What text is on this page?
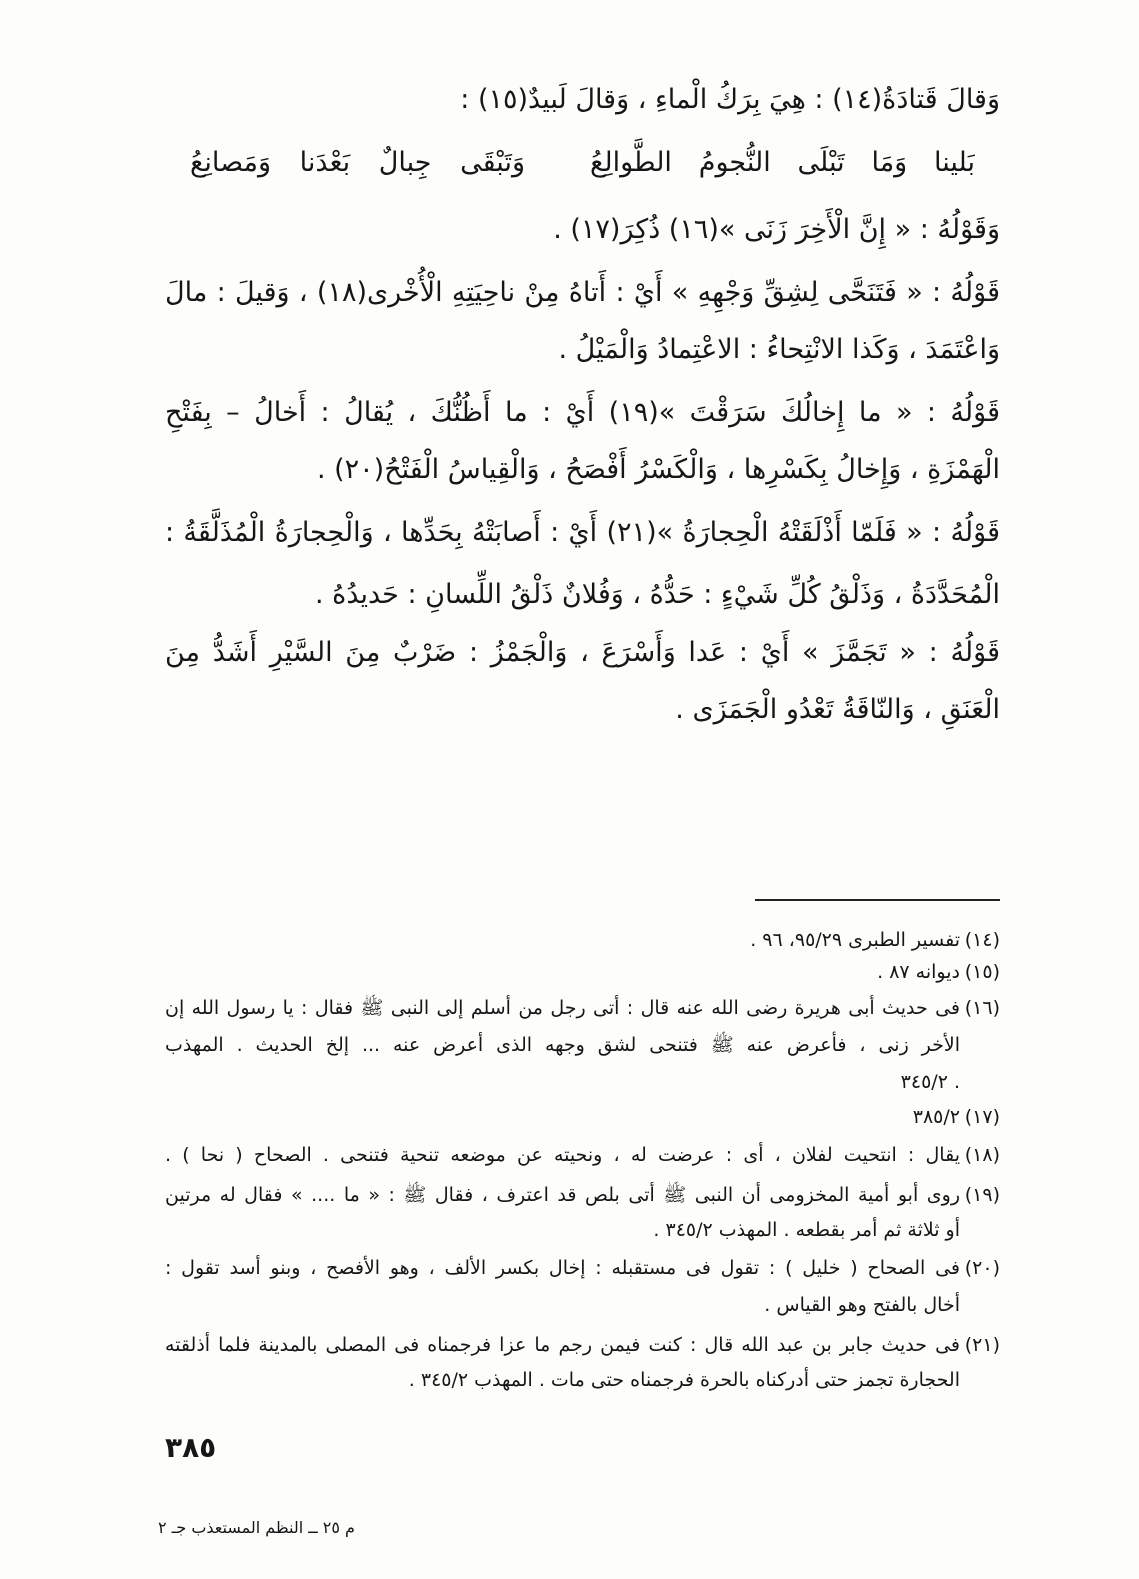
وَقالَ قَتادَةُ(١٤) : هِيَ بِرَكُ الْماءِ ، وَقالَ لَبيدٌ(١٥) :
بَلينا وَمَا تَبْلَى النُّجومُ الطَّوالِعُ
وَتَبْقَى جِبالٌ بَعْدَنا وَمَصانِعُ
وَقَوْلُهُ : « إِنَّ الْأَخِرَ زَنَى »(١٦) ذُكِرَ(١٧) .
قَوْلُهُ : « فَتَنَحَّى لِشِقِّ وَجْهِهِ » أَيْ : أَتاهُ مِنْ ناحِيَتِهِ الْأُخْرى(١٨) ، وَقيلَ : مالَ
وَاعْتَمَدَ ، وَكَذا الانْتِحاءُ : الاعْتِمادُ وَالْمَيْلُ .
قَوْلُهُ : « ما إِخالُكَ سَرَقْتَ »(١٩) أَيْ : ما أَظُنُّكَ ، يُقالُ : أَخالُ – بِفَتْحِ
الْهَمْزَةِ ، وَإِخالُ بِكَسْرِها ، وَالْكَسْرُ أَفْصَحُ ، وَالْقِياسُ الْفَتْحُ(٢٠) .
قَوْلُهُ : « فَلَمّا أَذْلَقَتْهُ الْحِجارَةُ »(٢١) أَيْ : أَصابَتْهُ بِحَدِّها ، وَالْحِجارَةُ الْمُذَلَّقَةُ :
الْمُحَدَّدَةُ ، وَذَلْقُ كُلِّ شَيْءٍ : حَدُّهُ ، وَفُلانٌ ذَلْقُ اللِّسانِ : حَديدُهُ .
قَوْلُهُ : « تَجَمَّزَ » أَيْ : عَدا وَأَسْرَعَ ، وَالْجَمْزُ : ضَرْبٌ مِنَ السَّيْرِ أَشَدُّ مِنَ
الْعَنَقِ ، وَالنّاقَةُ تَعْدُو الْجَمَزَى .
(١٤)
تفسير الطبرى ٩٥/٢٩، ٩٦ .
(١٥)
ديوانه ٨٧ .
(١٦)
فى حديث أبى هريرة رضى الله عنه قال : أتى رجل من أسلم إلى النبى ﷺ فقال : يا رسول الله إن
الأخر زنى ، فأعرض عنه ﷺ فتنحى لشق وجهه الذى أعرض عنه ... إلخ الحديث . المهذب
٣٤٥/٢ .
(١٧)
٣٨٥/٢
(١٨)
يقال : انتحيت لفلان ، أى : عرضت له ، ونحيته عن موضعه تنحية فتنحى . الصحاح ( نحا ) .
(١٩)
روى أبو أمية المخزومى أن النبى ﷺ أتى بلص قد اعترف ، فقال ﷺ : « ما .... » فقال له مرتين
أو ثلاثة ثم أمر بقطعه . المهذب ٣٤٥/٢ .
(٢٠)
فى الصحاح ( خليل ) : تقول فى مستقبله : إخال بكسر الألف ، وهو الأفصح ، وبنو أسد تقول :
أخال بالفتح وهو القياس .
(٢١)
فى حديث جابر بن عبد الله قال : كنت فيمن رجم ما عزا فرجمناه فى المصلى بالمدينة فلما أذلقته
الحجارة تجمز حتى أدركناه بالحرة فرجمناه حتى مات . المهذب ٣٤٥/٢ .
٣٨٥
م ٢٥ ــ النظم المستعذب جـ ٢
